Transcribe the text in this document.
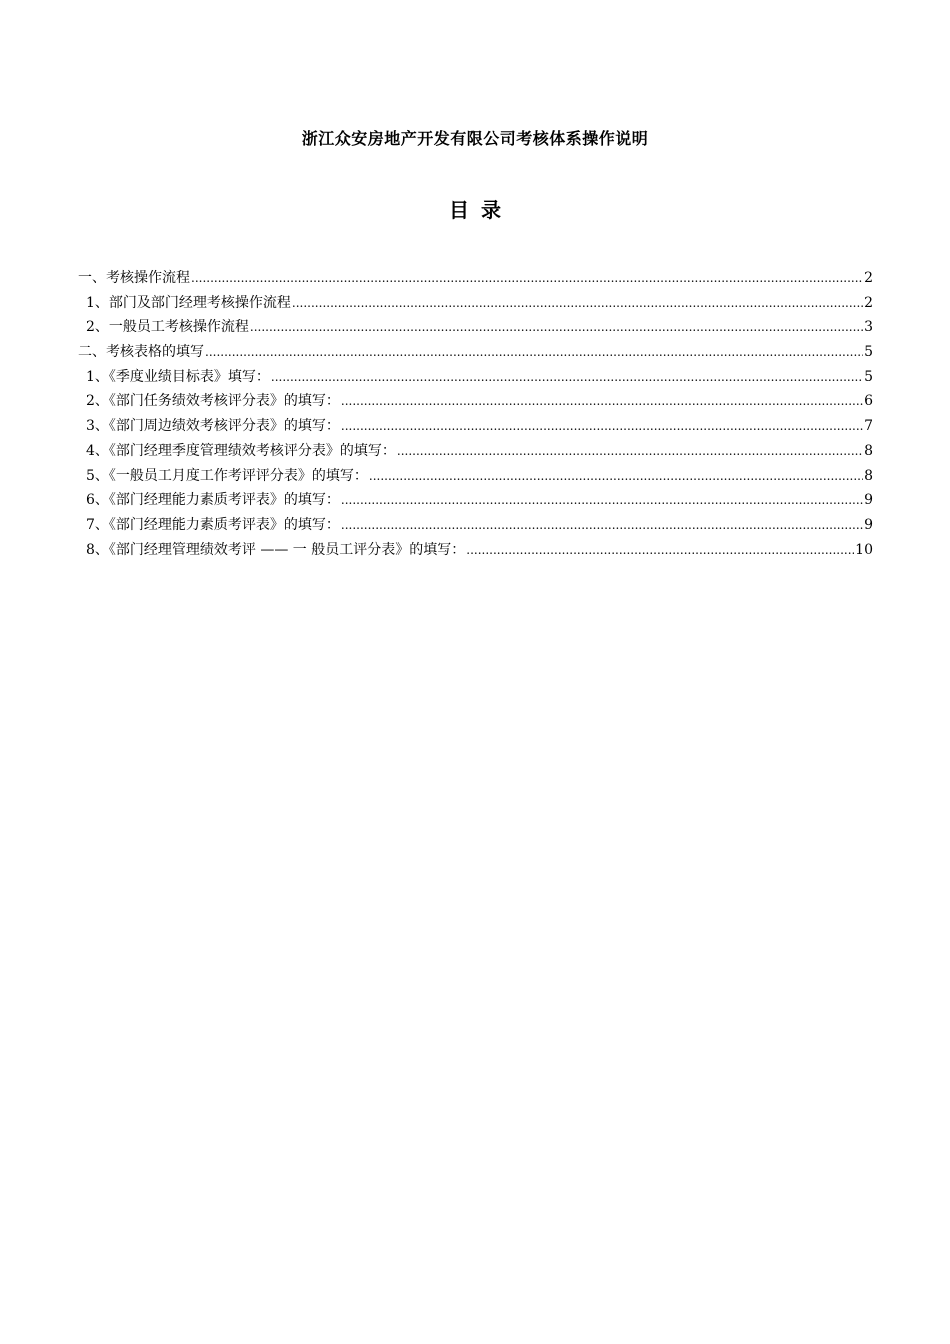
浙江众安房地产开发有限公司考核体系操作说明
目录
一、考核操作流程 .....	2
1、部门及部门经理考核操作流程 .....	2
2、一般员工考核操作流程 .....	3
二、考核表格的填写 .....	5
1、《季度业绩目标表》填写： .....	5
2、《部门任务绩效考核评分表》的填写： .....	6
3、《部门周边绩效考核评分表》的填写： .....	7
4、《部门经理季度管理绩效考核评分表》的填写： .....	8
5、《一般员工月度工作考评评分表》的填写： .....	8
6、《部门经理能力素质考评表》的填写： .....	9
7、《部门经理能力素质考评表》的填写： .....	9
8、《部门经理管理绩效考评 —— 一 般员工评分表》的填写： .....	10
